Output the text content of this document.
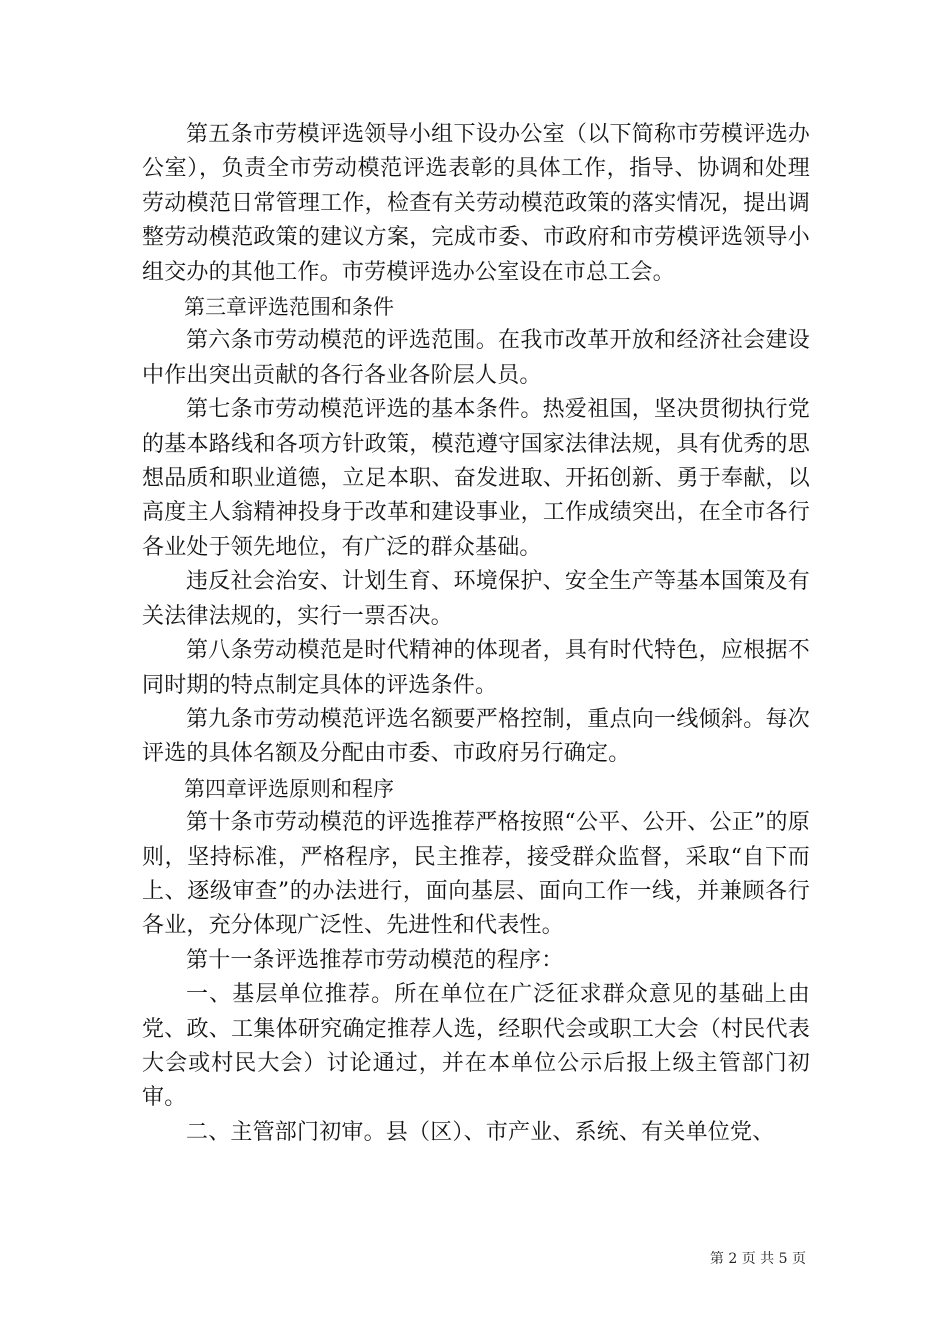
第五条市劳模评选领导小组下设办公室（以下简称市劳模评选办公室），负责全市劳动模范评选表彰的具体工作，指导、协调和处理劳动模范日常管理工作，检查有关劳动模范政策的落实情况，提出调整劳动模范政策的建议方案，完成市委、市政府和市劳模评选领导小组交办的其他工作。市劳模评选办公室设在市总工会。

第三章评选范围和条件

第六条市劳动模范的评选范围。在我市改革开放和经济社会建设中作出突出贡献的各行各业各阶层人员。

第七条市劳动模范评选的基本条件。热爱祖国，坚决贯彻执行党的基本路线和各项方针政策，模范遵守国家法律法规，具有优秀的思想品质和职业道德，立足本职、奋发进取、开拓创新、勇于奉献，以高度主人翁精神投身于改革和建设事业，工作成绩突出，在全市各行各业处于领先地位，有广泛的群众基础。

违反社会治安、计划生育、环境保护、安全生产等基本国策及有关法律法规的，实行一票否决。

第八条劳动模范是时代精神的体现者，具有时代特色，应根据不同时期的特点制定具体的评选条件。

第九条市劳动模范评选名额要严格控制，重点向一线倾斜。每次评选的具体名额及分配由市委、市政府另行确定。

第四章评选原则和程序

第十条市劳动模范的评选推荐严格按照“公平、公开、公正”的原则，坚持标准，严格程序，民主推荐，接受群众监督，采取“自下而上、逐级审查”的办法进行，面向基层、面向工作一线，并兼顾各行各业，充分体现广泛性、先进性和代表性。

第十一条评选推荐市劳动模范的程序：

一、基层单位推荐。所在单位在广泛征求群众意见的基础上由党、政、工集体研究确定推荐人选，经职代会或职工大会（村民代表大会或村民大会）讨论通过，并在本单位公示后报上级主管部门初审。

二、主管部门初审。县（区）、市产业、系统、有关单位党、

第 2 页 共 5 页
